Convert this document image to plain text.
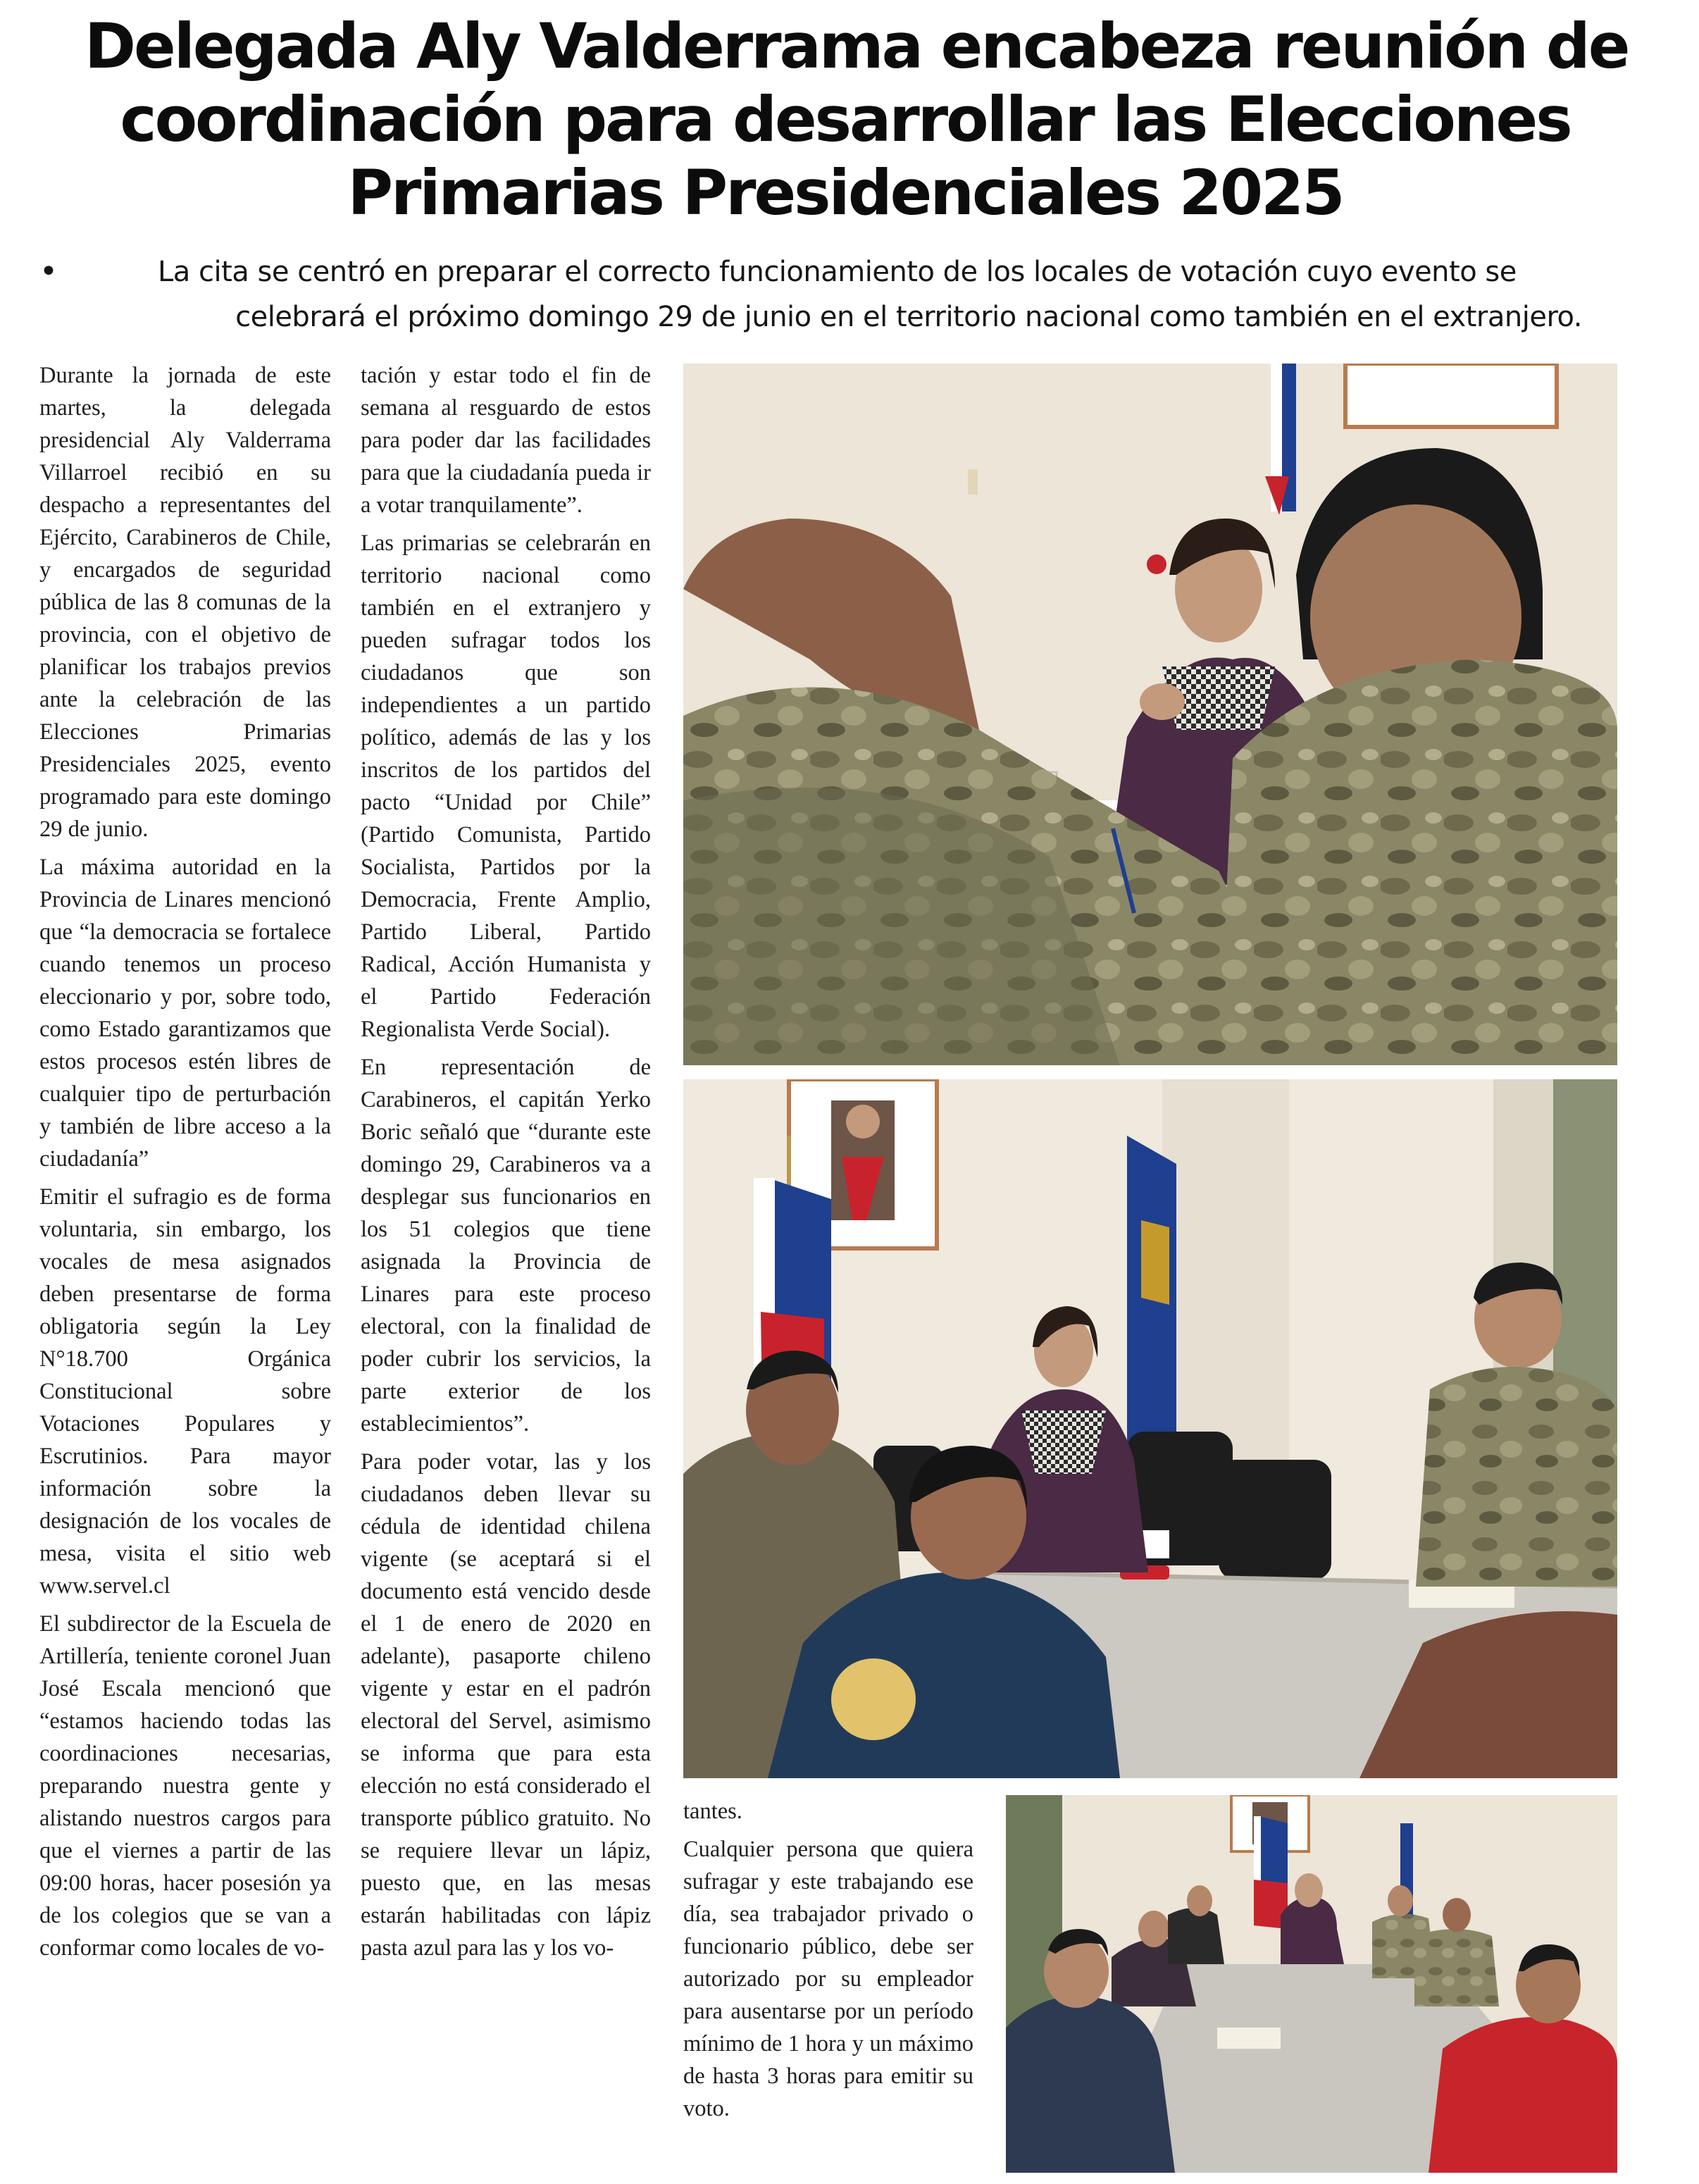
Delegada Aly Valderrama encabeza reunión de
coordinación para desarrollar las Elecciones
Primarias Presidenciales 2025
•	La cita se centró en preparar el correcto funcionamiento de los locales de votación cuyo evento se
celebrará el próximo domingo 29 de junio en el territorio nacional como también en el extranjero.

Durante la jornada de este martes, la delegada presidencial Aly Valderrama Villarroel recibió en su despacho a representantes del Ejército, Carabineros de Chile, y encargados de seguridad pública de las 8 comunas de la provincia, con el objetivo de planificar los trabajos previos ante la celebración de las Elecciones Primarias Presidenciales 2025, evento programado para este domingo 29 de junio.

La máxima autoridad en la Provincia de Linares mencionó que “la democracia se fortalece cuando tenemos un proceso eleccionario y por, sobre todo, como Estado garantizamos que estos procesos estén libres de cualquier tipo de perturbación y también de libre acceso a la ciudadanía”

Emitir el sufragio es de forma voluntaria, sin embargo, los vocales de mesa asignados deben presentarse de forma obligatoria según la Ley N°18.700 Orgánica Constitucional sobre Votaciones Populares y Escrutinios. Para mayor información sobre la designación de los vocales de mesa, visita el sitio web www.servel.cl

El subdirector de la Escuela de Artillería, teniente coronel Juan José Escala mencionó que “estamos haciendo todas las coordinaciones necesarias, preparando nuestra gente y alistando nuestros cargos para que el viernes a partir de las 09:00 horas, hacer posesión ya de los colegios que se van a conformar como locales de vo-

tación y estar todo el fin de semana al resguardo de estos para poder dar las facilidades para que la ciudadanía pueda ir a votar tranquilamente”.

Las primarias se celebrarán en territorio nacional como también en el extranjero y pueden sufragar todos los ciudadanos que son independientes a un partido político, además de las y los inscritos de los partidos del pacto “Unidad por Chile” (Partido Comunista, Partido Socialista, Partidos por la Democracia, Frente Amplio, Partido Liberal, Partido Radical, Acción Humanista y el Partido Federación Regionalista Verde Social).

En representación de Carabineros, el capitán Yerko Boric señaló que “durante este domingo 29, Carabineros va a desplegar sus funcionarios en los 51 colegios que tiene asignada la Provincia de Linares para este proceso electoral, con la finalidad de poder cubrir los servicios, la parte exterior de los establecimientos”.

Para poder votar, las y los ciudadanos deben llevar su cédula de identidad chilena vigente (se aceptará si el documento está vencido desde el 1 de enero de 2020 en adelante), pasaporte chileno vigente y estar en el padrón electoral del Servel, asimismo se informa que para esta elección no está considerado el transporte público gratuito. No se requiere llevar un lápiz, puesto que, en las mesas estarán habilitadas con lápiz pasta azul para las y los vo-

tantes.

Cualquier persona que quiera sufragar y este trabajando ese día, sea trabajador privado o funcionario público, debe ser autorizado por su empleador para ausentarse por un período mínimo de 1 hora y un máximo de hasta 3 horas para emitir su voto.
